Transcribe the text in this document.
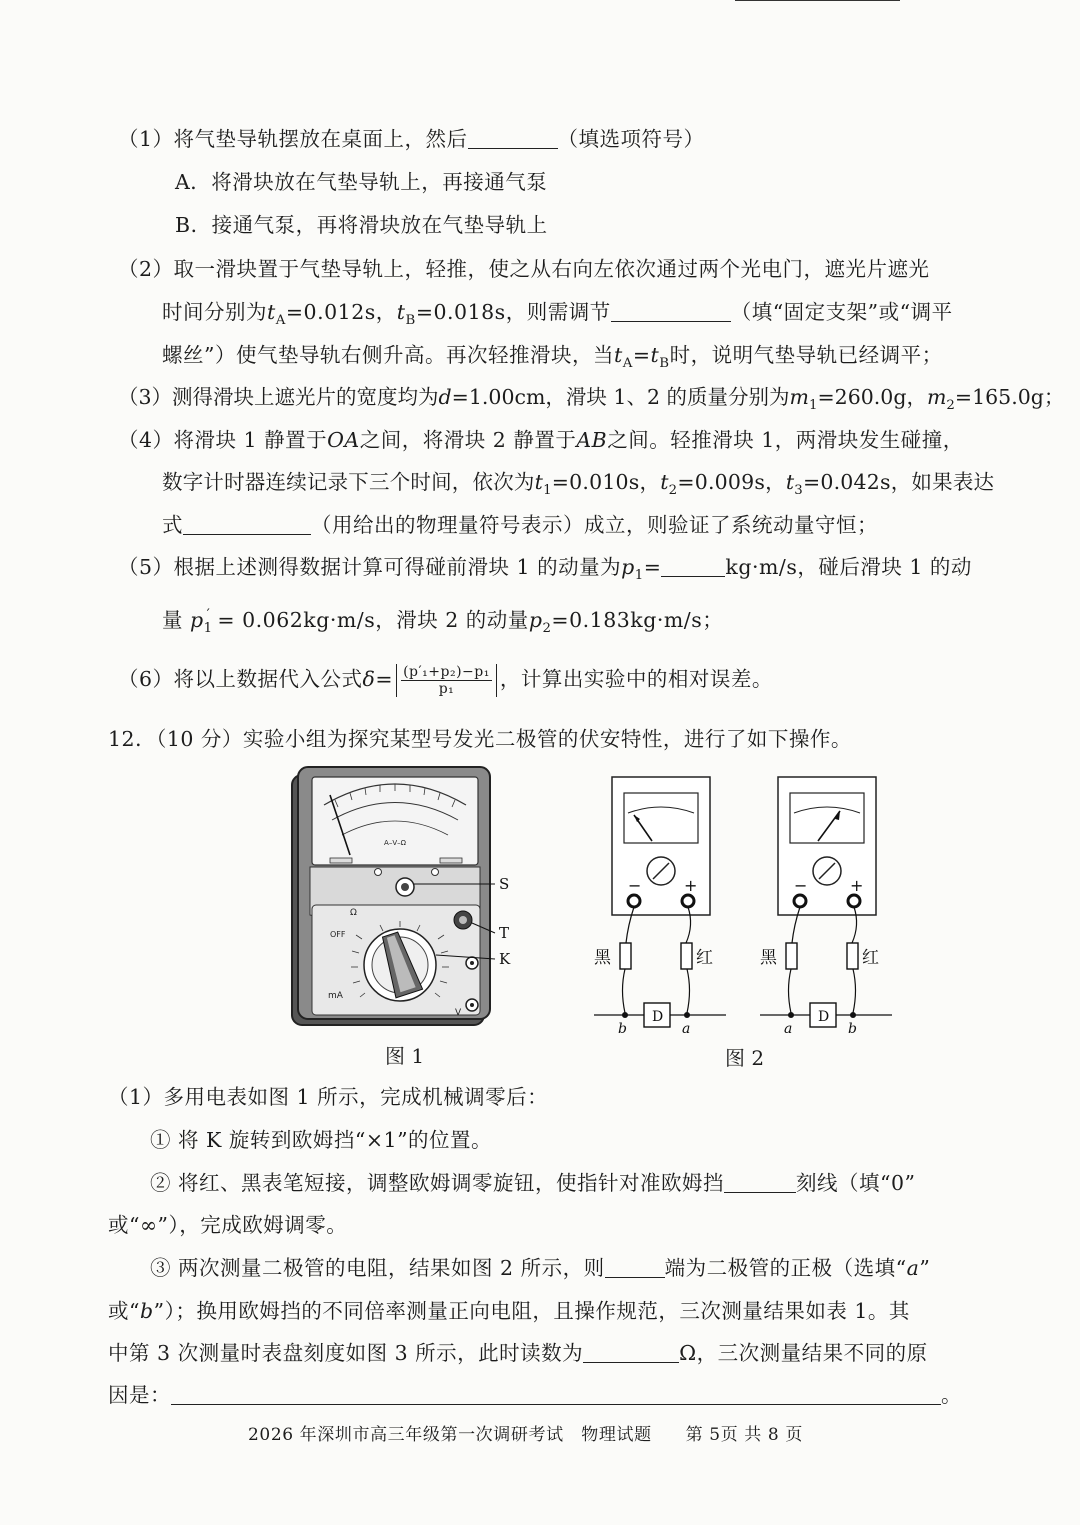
（1）将气垫导轨摆放在桌面上，然后	（填选项符号）
A．将滑块放在气垫导轨上，再接通气泵
B．接通气泵，再将滑块放在气垫导轨上
（2）取一滑块置于气垫导轨上，轻推，使之从右向左依次通过两个光电门，遮光片遮光
时间分别为$t_A=0.012s$，$t_B=0.018s$，则需调节	（填“固定支架”或“调平
螺丝”）使气垫导轨右侧升高。再次轻推滑块，当$t_A=t_B$时，说明气垫导轨已经调平；
（3）测得滑块上遮光片的宽度均为d=1.00cm，滑块 1、2 的质量分别为$m_1=260.0g$，$m_2=165.0g$；
（4）将滑块 1 静置于OA之间，将滑块 2 静置于AB之间。轻推滑块 1，两滑块发生碰撞，
数字计时器连续记录下三个时间，依次为$t_1=0.010s$，$t_2=0.009s$，$t_3=0.042s$，如果表达
式	（用给出的物理量符号表示）成立，则验证了系统动量守恒；
（5）根据上述测得数据计算可得碰前滑块 1 的动量为$p_1=$	kg·m/s，碰后滑块 1 的动
量 $p_1' = 0.062kg\cdot m/s$，滑块 2 的动量$p_2=0.183kg\cdot m/s$；
（6）将以上数据代入公式$\delta= \frac{\text{(p′₁+p₂)−p₁}}{\text{p₁}}$ ，计算出实验中的相对误差。
12．（10 分）实验小组为探究某型号发光二极管的伏安特性，进行了如下操作。
A–V–Ω
OFF
Ω
mA
V
S
T
K
图 1
−	+
黑	红
D
b	a
−	+
黑	红
D
a	b
图 2
（1）多用电表如图 1 所示，完成机械调零后：
① 将 K 旋转到欧姆挡“×1”的位置。
② 将红、黑表笔短接，调整欧姆调零旋钮，使指针对准欧姆挡	刻线（填“0”
或“∞”），完成欧姆调零。
③ 两次测量二极管的电阻，结果如图 2 所示，则	端为二极管的正极（选填“a”
或“b”）；换用欧姆挡的不同倍率测量正向电阻，且操作规范，三次测量结果如表 1。其
中第 3 次测量时表盘刻度如图 3 所示，此时读数为	Ω，三次测量结果不同的原
因是：	。
2026 年深圳市高三年级第一次调研考试　物理试题 第 5页 共 8 页
